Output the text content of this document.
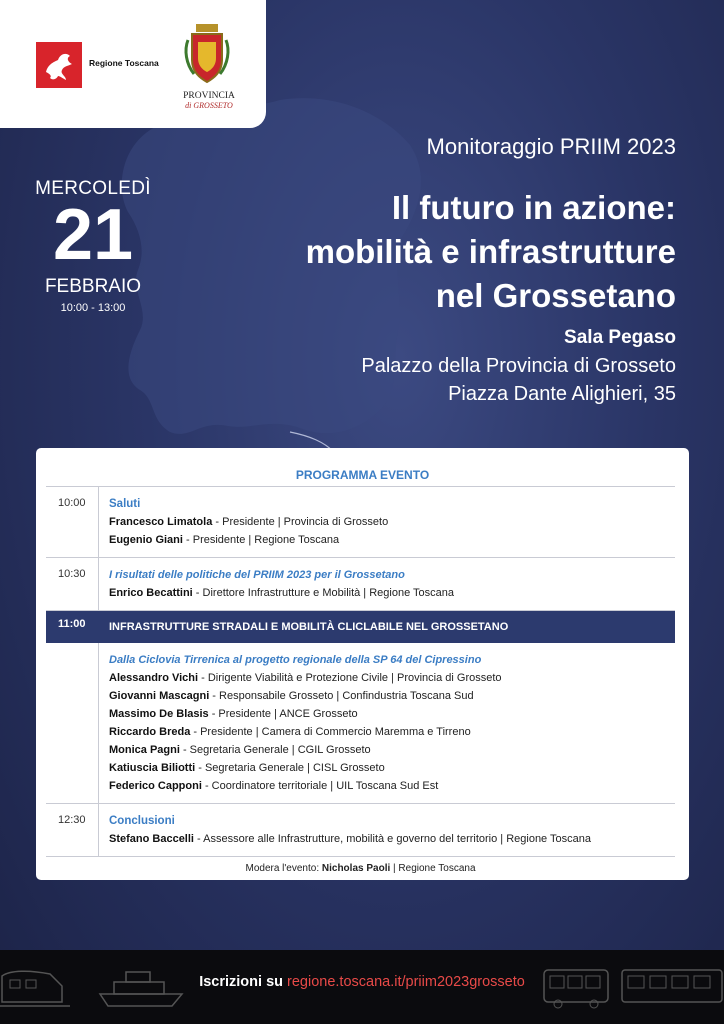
Regione Toscana
PROVINCIA
di GROSSETO
MERCOLEDÌ
21
FEBBRAIO
10:00 - 13:00
Monitoraggio PRIIM 2023
Il futuro in azione:
mobilità e infrastrutture
nel Grossetano
Sala Pegaso
Palazzo della Provincia di Grosseto
Piazza Dante Alighieri, 35
PROGRAMMA EVENTO
10:00	Saluti
Francesco Limatola - Presidente | Provincia di Grosseto
Eugenio Giani - Presidente | Regione Toscana
10:30	I risultati delle politiche del PRIIM 2023 per il Grossetano
Enrico Becattini - Direttore Infrastrutture e Mobilità | Regione Toscana
11:00	INFRASTRUTTURE STRADALI E MOBILITÀ CLICLABILE NEL GROSSETANO
Dalla Ciclovia Tirrenica al progetto regionale della SP 64 del Cipressino
Alessandro Vichi - Dirigente Viabilità e Protezione Civile | Provincia di Grosseto
Giovanni Mascagni - Responsabile Grosseto | Confindustria Toscana Sud
Massimo De Blasis - Presidente | ANCE Grosseto
Riccardo Breda - Presidente | Camera di Commercio Maremma e Tirreno
Monica Pagni - Segretaria Generale | CGIL Grosseto
Katiuscia Biliotti - Segretaria Generale | CISL Grosseto
Federico Capponi - Coordinatore territoriale | UIL Toscana Sud Est
12:30	Conclusioni
Stefano Baccelli - Assessore alle Infrastrutture, mobilità e governo del territorio | Regione Toscana
Modera l'evento: Nicholas Paoli | Regione Toscana
Iscrizioni su regione.toscana.it/priim2023grosseto
